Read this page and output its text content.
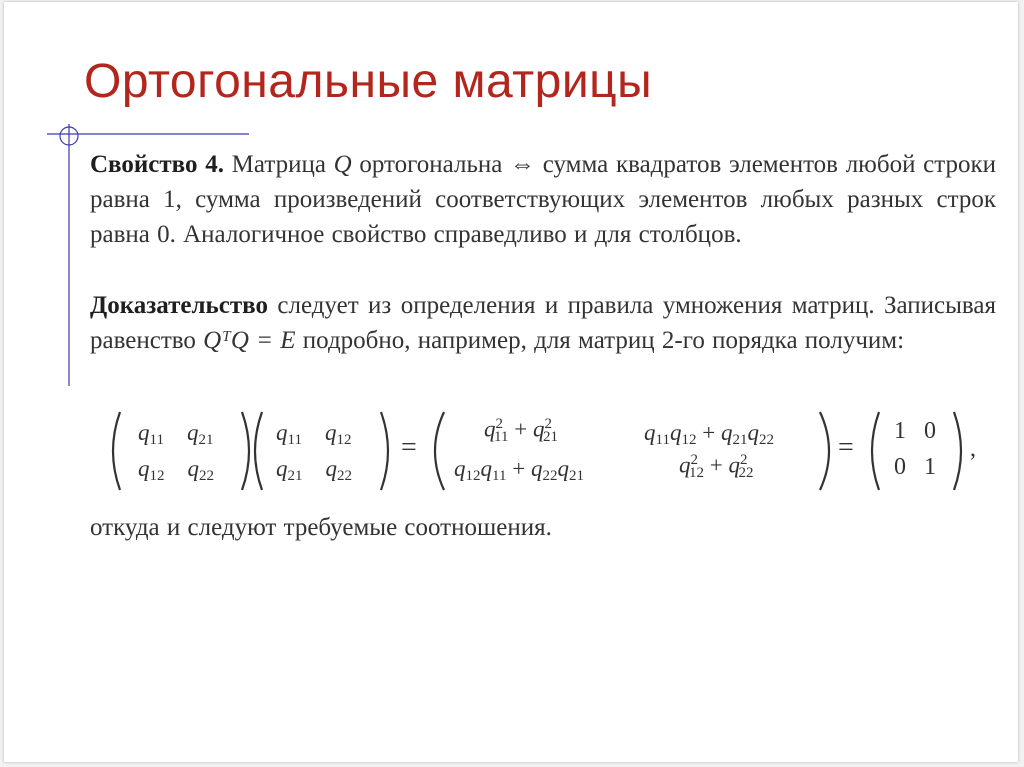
Ортогональные матрицы
Свойство 4. Матрица Q ортогональна ⇔ сумма квадратов элементов любой строки равна 1, сумма произведений соответствующих элементов любых разных строк равна 0. Аналогичное свойство справедливо и для столбцов.
Доказательство следует из определения и правила умножения матриц. Записывая равенство QᵀQ = E подробно, например, для матриц 2-го порядка получим:
$q_{11}$ $q_{21}$
$q_{12}$ $q_{22}$
$q_{11}$ $q_{12}$
$q_{21}$ $q_{22}$
=
$q^2_{11} + q^2_{21}$	$q_{11}q_{12} + q_{21}q_{22}$
$q_{12}q_{11} + q_{22}q_{21}$	$q^2_{12} + q^2_{22}$
=
1   0
0   1
,
откуда и следуют требуемые соотношения.
